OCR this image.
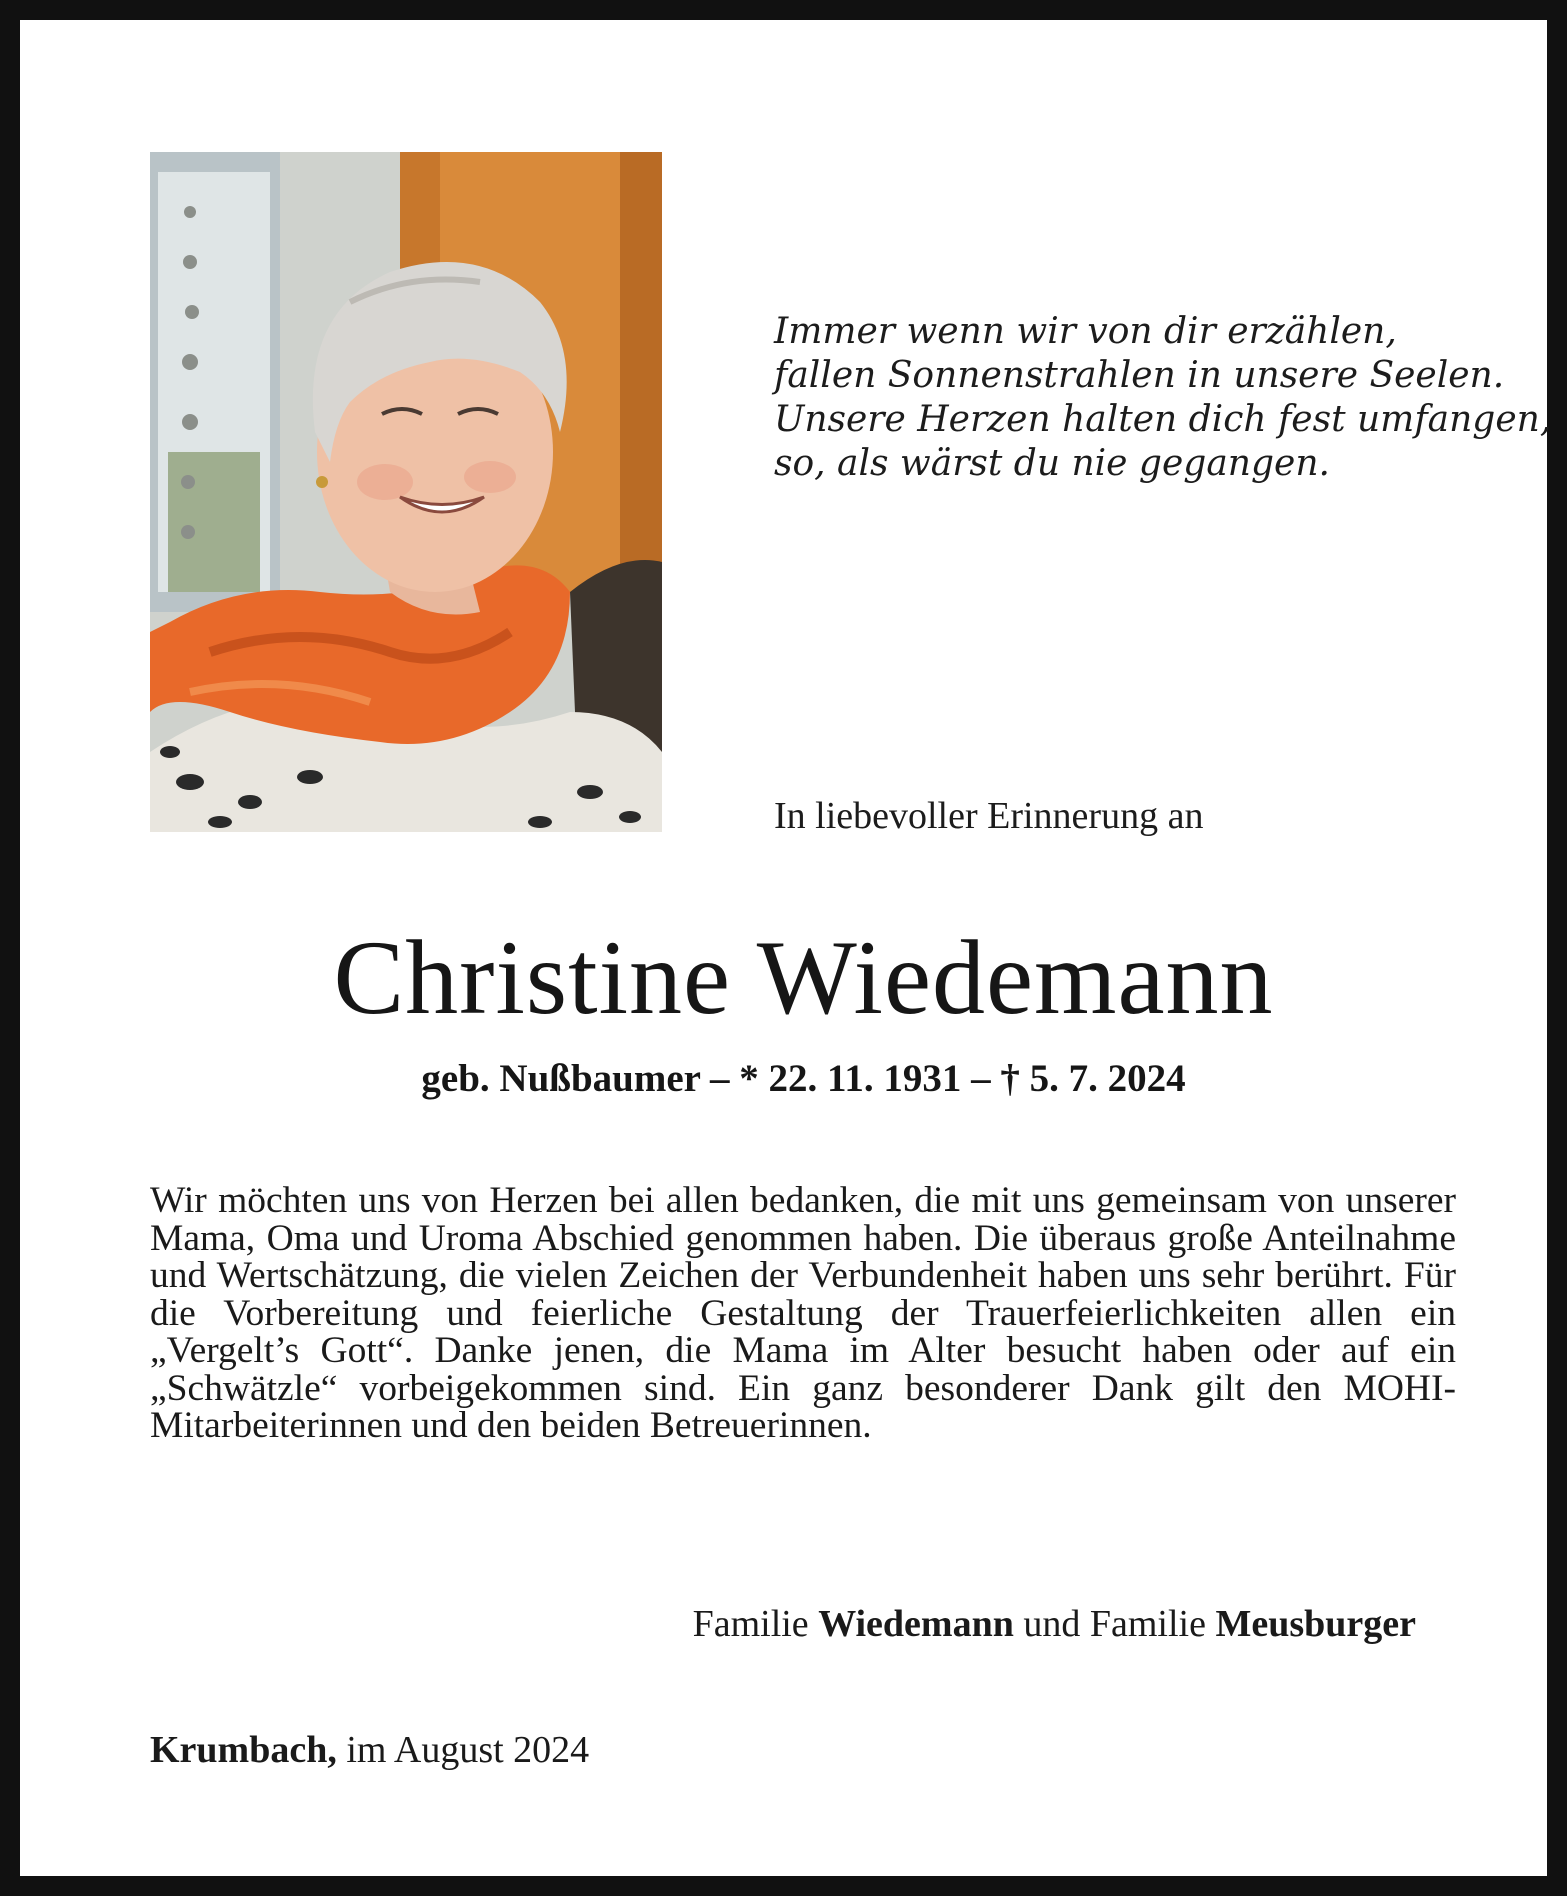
Immer wenn wir von dir erzählen,
fallen Sonnenstrahlen in unsere Seelen.
Unsere Herzen halten dich fest umfangen,
so, als wärst du nie gegangen.
In liebevoller Erinnerung an
Christine Wiedemann
geb. Nußbaumer – * 22. 11. 1931 – † 5. 7. 2024
Wir möchten uns von Herzen bei allen bedanken, die mit uns gemeinsam von unserer Mama, Oma und Uroma Abschied genommen haben. Die überaus große Anteilnahme und Wertschätzung, die vielen Zeichen der Verbundenheit haben uns sehr berührt. Für die Vorbereitung und feierliche Gestaltung der Trauerfeierlichkeiten allen ein „Vergelt’s Gott“. Danke jenen, die Mama im Alter besucht haben oder auf ein „Schwätzle“ vorbeigekommen sind. Ein ganz besonderer Dank gilt den MOHI-Mitarbeiterinnen und den beiden Betreuerinnen.
Familie Wiedemann und Familie Meusburger
Krumbach, im August 2024
